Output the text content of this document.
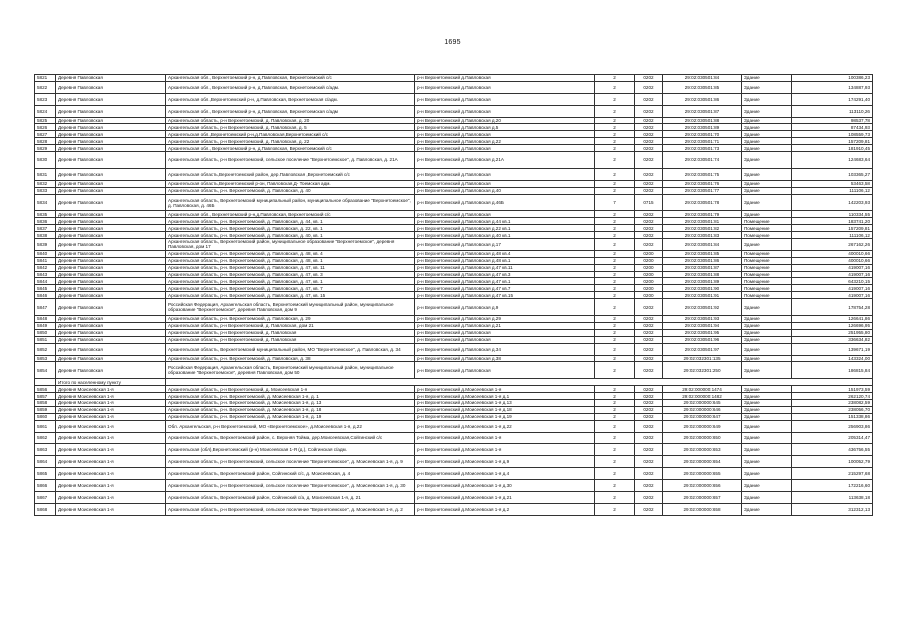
1695
5821	Деревня Павловская	Архангельская обл., Верхнетоемский р-н, д.Павловская, Верхнетоемский с/с	р-н Верхнетоемский д.Павловская	2	0202	29:02:030501:84	Здание	100386,23	
5822	Деревня Павловская	Архангельская обл., Верхнетоемский р-н, д.Павловская, Верхнетоемский с/адм.	р-н Верхнетоемский д.Павловская	2	0202	29:02:030501:85	Здание	134887,93	
5823	Деревня Павловская	Архангельская обл.,Верхнетоемский р-н, д.Павловская, Верхнетоемская с/адм.	р-н Верхнетоемский д.Павловская	2	0202	29:02:030501:86	Здание	174291,40	
5824	Деревня Павловская	Архангельская обл., Верхнетоемский р-н, д.Павловская, Верхнетоемская с/адм	р-н Верхнетоемский д.Павловская	2	0202	29:02:030501:87	Здание	113110,26	
5825	Деревня Павловская	Архангельская область, р-н Верхнетоемский, д. Павловская, д. 20	р-н Верхнетоемский д.Павловская д.20	2	0202	29:02:030501:88	Здание	98537,78	
5826	Деревня Павловская	Архангельская область, р-н Верхнетоемский, д. Павловская, д. 5	р-н Верхнетоемский д.Павловская д.5	2	0202	29:02:030501:89	Здание	87434,93	
5827	Деревня Павловская	Архангельская обл.,Верхнетоемский р-н,д.Павловская,Верхнетоемский с/с	р-н Верхнетоемский д.Павловская	2	0202	29:02:030501:70	Здание	108559,73	
5828	Деревня Павловская	Архангельская область, р-н Верхнетоемский, д. Павловская, д. 22	р-н Верхнетоемский д.Павловская д.22	2	0202	29:02:030501:71	Здание	157209,81	
5829	Деревня Павловская	Архангельская обл., Верхнетоемский р-н, д.Павловская, Верхнетоемский с/с	р-н Верхнетоемский д.Павловская	2	0202	29:02:030501:73	Здание	181910,45	
5830	Деревня Павловская	Архангельская область, р-н Верхнетоемский, сельское поселение "Верхнетоемское", д. Павловская, д. 21А	р-н Верхнетоемский д.Павловская д.21А	2	0202	29:02:030501:74	Здание	124683,64	
5831	Деревня Павловская	Архангельская область,Верхнетоемский район, дер.Павловская ,Верхнетоемский с/с	р-н Верхнетоемский д.Павловская	2	0202	29:02:030501:75	Здание	103365,27	
5832	Деревня Павловская	Архангельская область,Верхнетоемский р-он, Павловская,Д- Тоемская адм.	р-н Верхнетоемский д.Павловская	2	0202	29:02:030501:76	Здание	53463,58	
5833	Деревня Павловская	Архангельская область, р-н. Верхнетоемский, д. Павловская, д. 40	р-н Верхнетоемский д.Павловская д.40	2	0202	29:02:030501:77	Здание	111106,12	
5834	Деревня Павловская	Архангельская область, Верхнетоемский муниципальный район, муниципальное образование "Верхнетоемское", д. Павловская, д. 46Б	р-н Верхнетоемский д.Павловская д.46Б	7	0715	29:02:030501:78	Здание	142203,93	
5835	Деревня Павловская	Архангельская обл., Верхнетоемский р-н,д.Павловская, Верхнетоемский с/с	р-н Верхнетоемский д.Павловская	2	0202	29:02:030501:79	Здание	110334,55	
5836	Деревня Павловская	Архангельская область, р-н. Верхнетоемский, д. Павловская, д. 44, кв. 1	р-н Верхнетоемский д.Павловская д.44 кв.1	2	0202	29:02:030501:81	Помещение	183741,20	
5837	Деревня Павловская	Архангельская область, р-н. Верхнетоемский, д. Павловская, д. 22, кв. 1	р-н Верхнетоемский д.Павловская д.22 кв.1	2	0202	29:02:030501:82	Помещение	157209,81	
5838	Деревня Павловская	Архангельская область, р-н. Верхнетоемский, д. Павловская, д. 40, кв. 1	р-н Верхнетоемский д.Павловская д.40 кв.1	2	0202	29:02:030501:83	Помещение	111106,12	
5839	Деревня Павловская	Архангельская область, Верхнетоемский район, муниципальное образование "Верхнетоемское", деревня Павловская, дом 17	р-н Верхнетоемский д.Павловская д.17	2	0202	29:02:030501:84	Здание	267162,26	
5840	Деревня Павловская	Архангельская область, р-н. Верхнетоемский, д. Павловская, д. 48, кв. 4	р-н Верхнетоемский д.Павловская д.48 кв.4	2	0200	29:02:030501:85	Помещение	400010,66	
5841	Деревня Павловская	Архангельская область, р-н. Верхнетоемский, д. Павловская, д. 48, кв. 1	р-н Верхнетоемский д.Павловская д.48 кв.1	2	0200	29:02:030501:86	Помещение	400010,66	
5842	Деревня Павловская	Архангельская область, р-н. Верхнетоемский, д. Павловская, д. 47, кв. 11	р-н Верхнетоемский д.Павловская д.47 кв.11	2	0200	29:02:030501:87	Помещение	419007,16	
5843	Деревня Павловская	Архангельская область, р-н. Верхнетоемский, д. Павловская, д. 47, кв. 3	р-н Верхнетоемский д.Павловская д.47 кв.3	2	0200	29:02:030501:88	Помещение	419007,16	
5844	Деревня Павловская	Архангельская область, р-н. Верхнетоемский, д. Павловская, д. 47, кв. 1	р-н Верхнетоемский д.Павловская д.47 кв.1	2	0200	29:02:030501:89	Помещение	643210,15	
5845	Деревня Павловская	Архангельская область, р-н. Верхнетоемский, д. Павловская, д. 47, кв. 7	р-н Верхнетоемский д.Павловская д.47 кв.7	2	0200	29:02:030501:90	Помещение	419007,16	
5846	Деревня Павловская	Архангельская область, р-н. Верхнетоемский, д. Павловская, д. 47, кв. 15	р-н Верхнетоемский д.Павловская д.47 кв.15	2	0200	29:02:030501:91	Помещение	419007,16	
5847	Деревня Павловская	Российская Федерация, Архангельская область, Верхнетоемский муниципальный район, муниципальное образование "Верхнетоемское", деревня Павловская, дом 9	р-н Верхнетоемский д.Павловская д.9	2	0202	29:02:030501:92	Здание	178754,28	
5848	Деревня Павловская	Архангельская область, р-н. Верхнетоемский, д. Павловская, д. 29	р-н Верхнетоемский д.Павловская д.29	2	0202	29:02:030501:93	Здание	126641,86	
5849	Деревня Павловская	Архангельская область, р-н Верхнетоемский, д. Павловская, дом 21	р-н Верхнетоемский д.Павловская д.21	2	0202	29:02:030501:94	Здание	126696,95	
5850	Деревня Павловская	Архангельская область, р-н Верхнетоемский, д. Павловская	р-н Верхнетоемский д.Павловская	2	0202	29:02:030501:95	Здание	251955,80	
5851	Деревня Павловская	Архангельская область, р-н Верхнетоемский, д. Павловская	р-н Верхнетоемский д.Павловская	2	0202	29:02:030501:96	Здание	336634,82	
5852	Деревня Павловская	Архангельская область, Верхнетоемский муниципальный район, МО "Верхнетоемское", д. Павловская, д. 34	р-н Верхнетоемский д.Павловская д.34	2	0202	29:02:030501:97	Здание	139671,19	
5853	Деревня Павловская	Архангельская область, р-н. Верхнетоемский, д. Павловская, д. 38	р-н Верхнетоемский д.Павловская д.38	2	0202	29:02:032301:135	Здание	143324,00	
5854	Деревня Павловская	Российская Федерация, Архангельская область, Верхнетоемский муниципальный район, муниципальное образование "Верхнетоемское", деревня Павловская, дом 50	р-н Верхнетоемский д.Павловская	2	0202	29:02:032301:250	Здание	186815,84	
	Итого по населенному пункту		
5856	Деревня Моисеевская 1-я	Архангельская область, р-н Верхнетоемский, д. Моисеевская 1-я	р-н Верхнетоемский д.Моисеевская 1-я	2	0202	29:02:000000:1474	Здание	151973,59	
5857	Деревня Моисеевская 1-я	Архангельская область, р-н. Верхнетоемский, д. Моисеевская 1-я, д. 1	р-н Верхнетоемский д.Моисеевская 1-я д.1	2	0202	29:02:000000:1482	Здание	262120,74	
5858	Деревня Моисеевская 1-я	Архангельская область, р-н. Верхнетоемский, д. Моисеевская 1-я, д. 13	р-н Верхнетоемский д.Моисеевская 1-я д.13	2	0202	29:02:000000:645	Здание	238082,59	
5859	Деревня Моисеевская 1-я	Архангельская область, р-н. Верхнетоемский, д. Моисеевская 1-я, д. 18	р-н Верхнетоемский д.Моисеевская 1-я д.18	2	0202	29:02:000000:646	Здание	238056,70	
5860	Деревня Моисеевская 1-я	Архангельская область, р-н. Верхнетоемский, д. Моисеевская 1-я, д. 19	р-н Верхнетоемский д.Моисеевская 1-я д.19	2	0202	29:02:000000:647	Здание	151338,86	
5861	Деревня Моисеевская 1-я	Обл. Архангельская, р-н Верхнетоемский, МО «Верхнетоемское», д.Моисеевская 1-я, д.22	р-н Верхнетоемский д.Моисеевская 1-я д.22	2	0202	29:02:000000:649	Здание	256903,86	
5862	Деревня Моисеевская 1-я	Архангельская область, Верхнетоемский район, с. Верхняя Тойма, дер.Моисеевская,Сойгинский с/с	р-н Верхнетоемский д.Моисеевская 1-я	2	0202	29:02:000000:650	Здание	205314,47	
5863	Деревня Моисеевская 1-я	Архангельская (обл),Верхнетоемский (р-н) Моисеевская 1-Я (д.), Сойгинская с/адм.	р-н Верхнетоемский д.Моисеевская 1-я	2	0202	29:02:000000:653	Здание	436756,55	
5864	Деревня Моисеевская 1-я	Архангельская область, р-н Верхнетоемский, сельское поселение "Верхнетоемское", д. Моисеевская 1-я, д. 9	р-н Верхнетоемский д.Моисеевская 1-я д.9	2	0202	29:02:000000:654	Здание	100052,79	
5865	Деревня Моисеевская 1-я	Архангельская область, Верхнетоемский район, Сойгинский с/с, д. Моисеевская, д. 4	р-н Верхнетоемский д.Моисеевская 1-я д.4	2	0202	29:02:000000:655	Здание	215297,68	
5866	Деревня Моисеевская 1-я	Архангельская область, р-н Верхнетоемский, сельское поселение "Верхнетоемское", д. Моисеевская 1-я, д. 30	р-н Верхнетоемский д.Моисеевская 1-я д.30	2	0202	29:02:000000:656	Здание	172216,60	
5867	Деревня Моисеевская 1-я	Архангельская область, Верхнетоемский район, Сойгинский с/а, д. Моисеевская 1-я, д. 21	р-н Верхнетоемский д.Моисеевская 1-я д.21	2	0202	29:02:000000:657	Здание	113638,18	
5868	Деревня Моисеевская 1-я	Архангельская область, р-н Верхнетоемский, сельское поселение "Верхнетоемское", д. Моисеевская 1-я, д. 2	р-н Верхнетоемский д.Моисеевская 1-я д.2	2	0202	29:02:000000:658	Здание	312312,13	
